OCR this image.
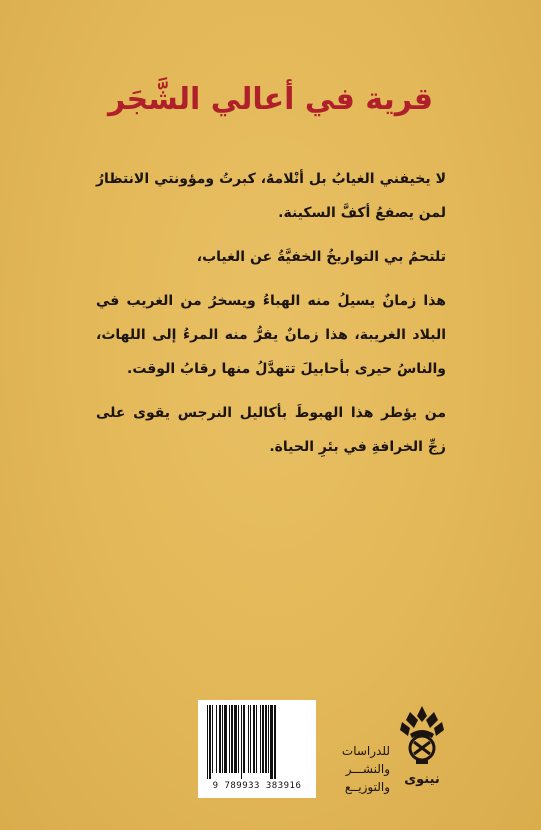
قرية في أعالي الشَّجَر

لا يخيفني الغيابُ بل أنْلامهُ، كبرتُ ومؤونتي الانتظارُ لمن يصفعُ أكفَّ السكينة.

تلتحمُ بي التواريخُ الخفيَّةُ عن الغياب،

هذا زمانٌ يسيلُ منه الهباءُ ويسخرُ من الغريب في البلاد الغريبة، هذا زمانٌ يفرُّ منه المرءُ إلى اللهاث، والناسُ حيرى بأحابيلَ تتهدَّلُ منها رقابُ الوقت.

من يؤطر هذا الهبوطَ بأكاليل النرجس يقوى على زجِّ الخرافةِ في بئرِ الحياة.

9 789933 383916
للدراسات
والنشـــر
والتوزيــع	نينوى
